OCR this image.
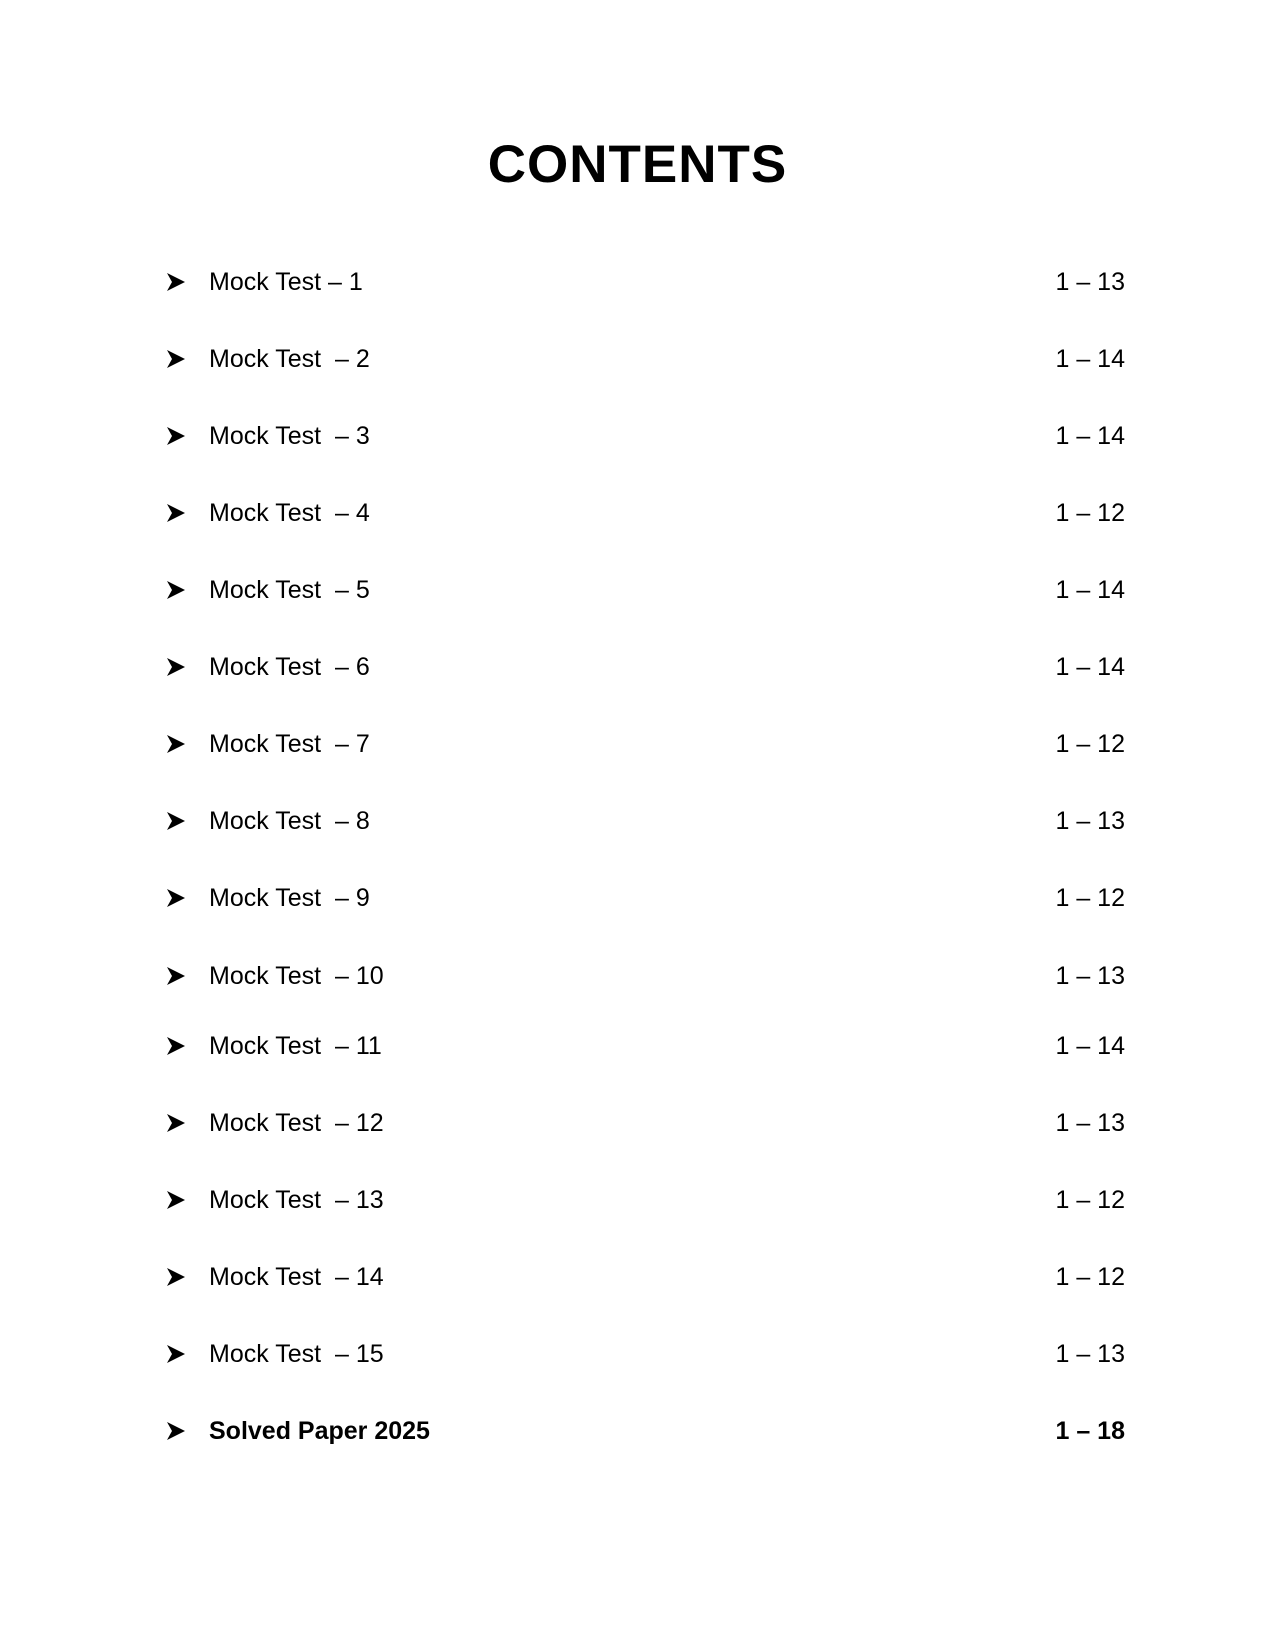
CONTENTS
Mock Test – 1	1 – 13
Mock Test  – 2	1 – 14
Mock Test  – 3	1 – 14
Mock Test  – 4	1 – 12
Mock Test  – 5	1 – 14
Mock Test  – 6	1 – 14
Mock Test  – 7	1 – 12
Mock Test  – 8	1 – 13
Mock Test  – 9	1 – 12
Mock Test  – 10	1 – 13
Mock Test  – 11	1 – 14
Mock Test  – 12	1 – 13
Mock Test  – 13	1 – 12
Mock Test  – 14	1 – 12
Mock Test  – 15	1 – 13
Solved Paper 2025	1 – 18
